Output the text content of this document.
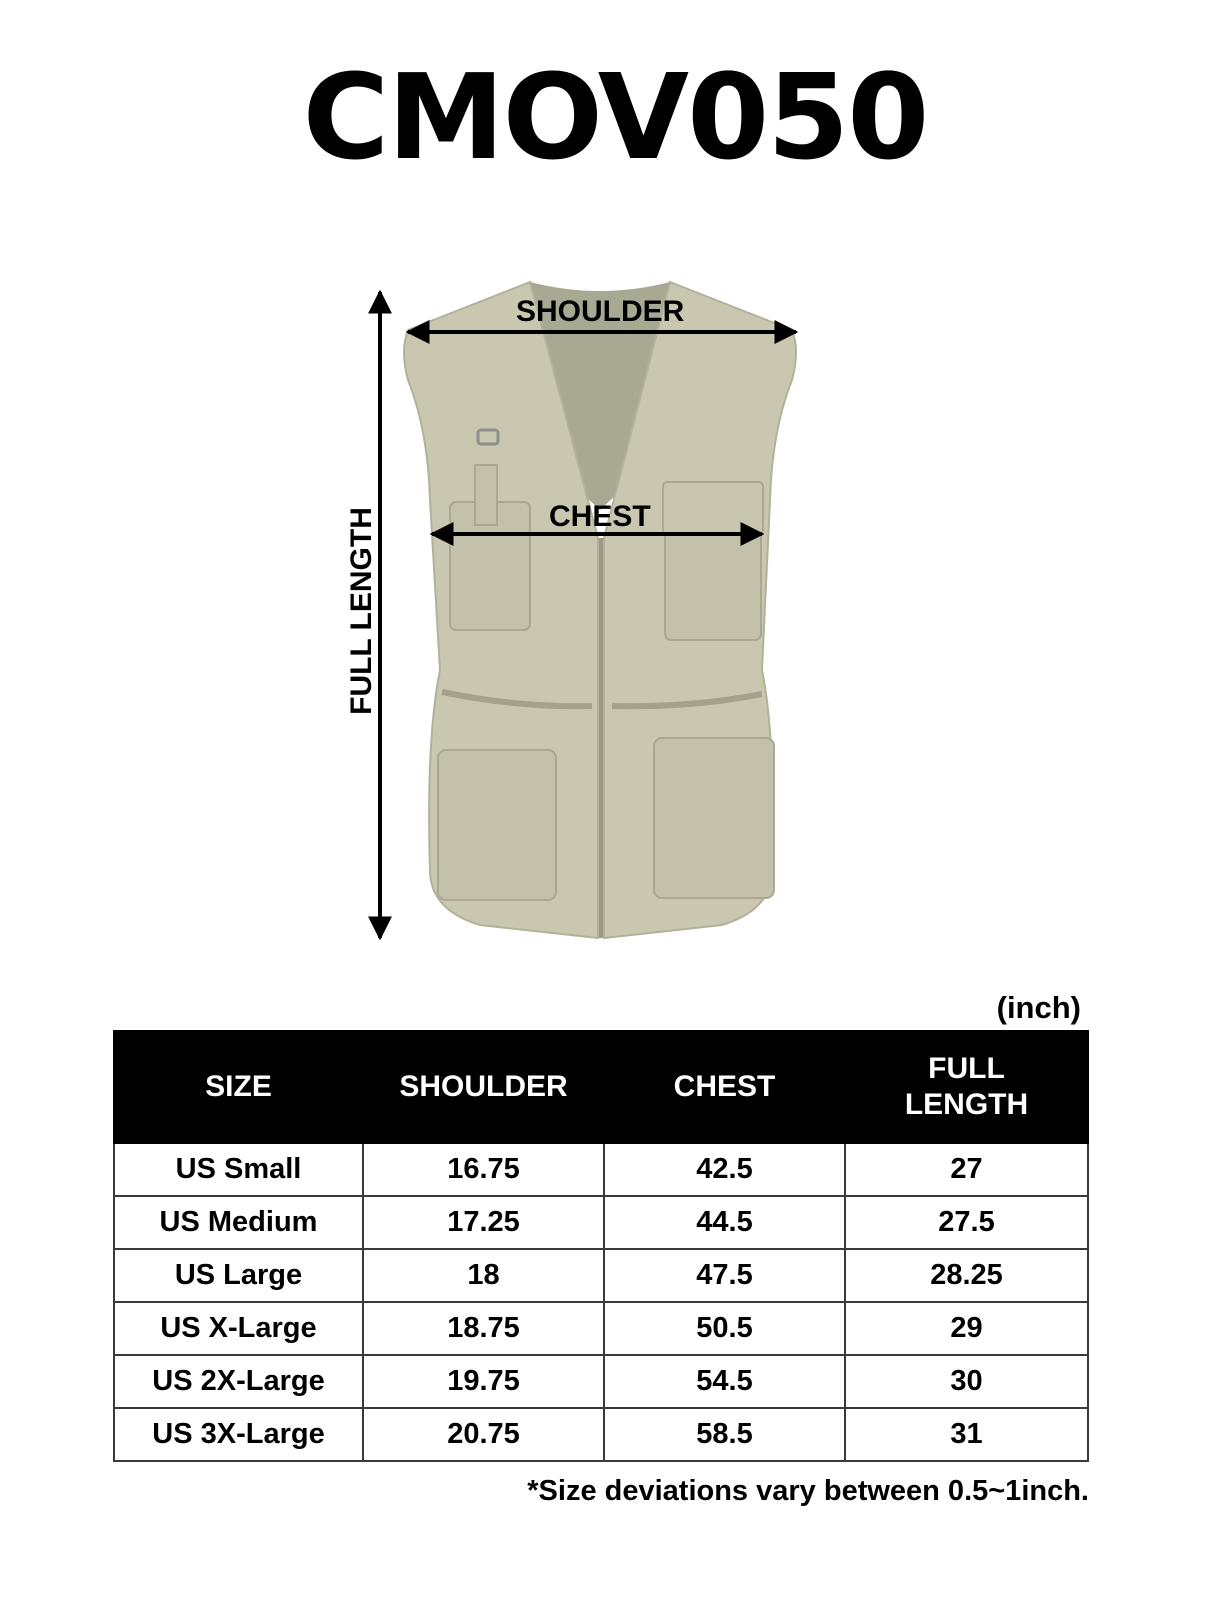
CMOV050
SHOULDER
CHEST
FULL LENGTH
(inch)
SIZE	SHOULDER	CHEST	FULL LENGTH
US Small	16.75	42.5	27
US Medium	17.25	44.5	27.5
US Large	18	47.5	28.25
US X-Large	18.75	50.5	29
US 2X-Large	19.75	54.5	30
US 3X-Large	20.75	58.5	31
*Size deviations vary between 0.5~1inch.
